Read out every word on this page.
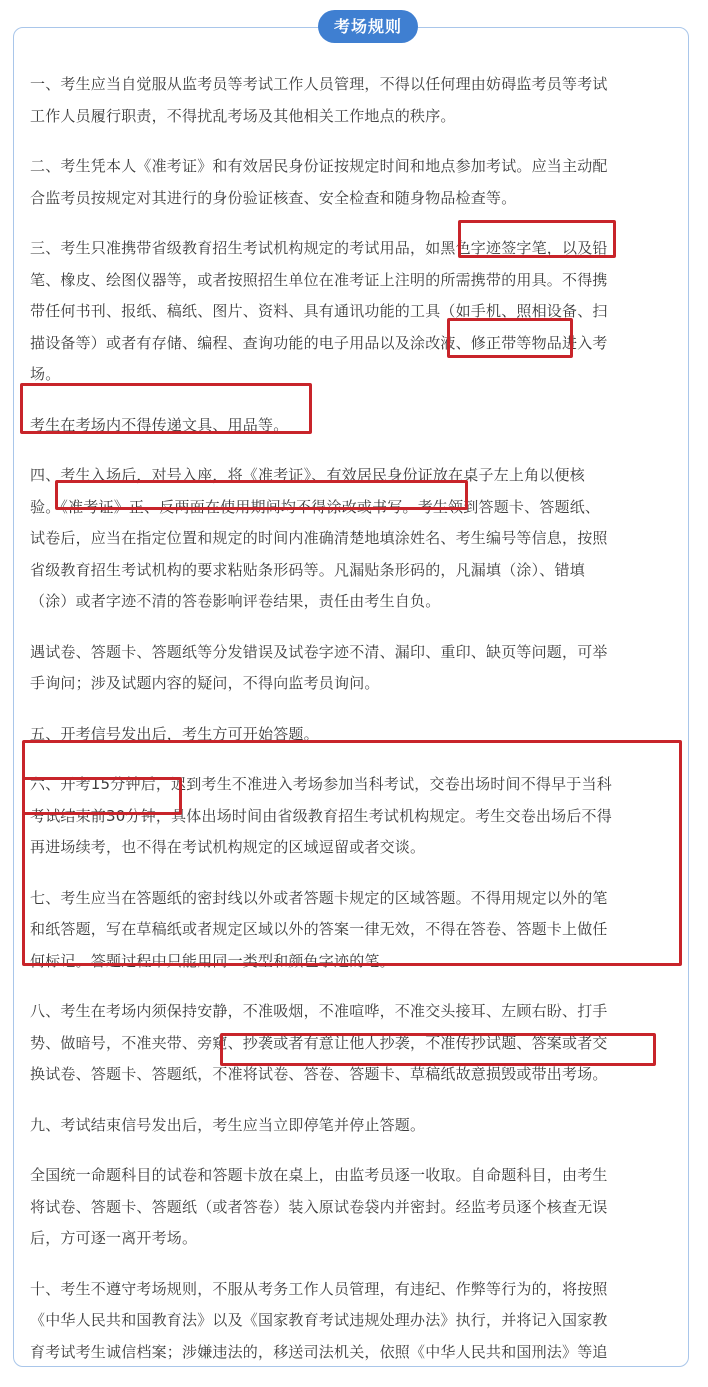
考场规则

一、考生应当自觉服从监考员等考试工作人员管理，不得以任何理由妨碍监考员等考试
工作人员履行职责，不得扰乱考场及其他相关工作地点的秩序。

二、考生凭本人《准考证》和有效居民身份证按规定时间和地点参加考试。应当主动配
合监考员按规定对其进行的身份验证核查、安全检查和随身物品检查等。

三、考生只准携带省级教育招生考试机构规定的考试用品，如黑色字迹签字笔，以及铅
笔、橡皮、绘图仪器等，或者按照招生单位在准考证上注明的所需携带的用具。不得携
带任何书刊、报纸、稿纸、图片、资料、具有通讯功能的工具（如手机、照相设备、扫
描设备等）或者有存储、编程、查询功能的电子用品以及涂改液、修正带等物品进入考
场。

考生在考场内不得传递文具、用品等。

四、考生入场后，对号入座，将《准考证》、有效居民身份证放在桌子左上角以便核
验。《准考证》正、反两面在使用期间均不得涂改或书写。考生领到答题卡、答题纸、
试卷后，应当在指定位置和规定的时间内准确清楚地填涂姓名、考生编号等信息，按照
省级教育招生考试机构的要求粘贴条形码等。凡漏贴条形码的，凡漏填（涂）、错填
（涂）或者字迹不清的答卷影响评卷结果，责任由考生自负。

遇试卷、答题卡、答题纸等分发错误及试卷字迹不清、漏印、重印、缺页等问题，可举
手询问；涉及试题内容的疑问，不得向监考员询问。

五、开考信号发出后，考生方可开始答题。

六、开考15分钟后，迟到考生不准进入考场参加当科考试，交卷出场时间不得早于当科
考试结束前30分钟，具体出场时间由省级教育招生考试机构规定。考生交卷出场后不得
再进场续考，也不得在考试机构规定的区域逗留或者交谈。

七、考生应当在答题纸的密封线以外或者答题卡规定的区域答题。不得用规定以外的笔
和纸答题，写在草稿纸或者规定区域以外的答案一律无效，不得在答卷、答题卡上做任
何标记。答题过程中只能用同一类型和颜色字迹的笔。

八、考生在考场内须保持安静，不准吸烟，不准喧哗，不准交头接耳、左顾右盼、打手
势、做暗号，不准夹带、旁窥、抄袭或者有意让他人抄袭，不准传抄试题、答案或者交
换试卷、答题卡、答题纸，不准将试卷、答卷、答题卡、草稿纸故意损毁或带出考场。

九、考试结束信号发出后，考生应当立即停笔并停止答题。

全国统一命题科目的试卷和答题卡放在桌上，由监考员逐一收取。自命题科目，由考生
将试卷、答题卡、答题纸（或者答卷）装入原试卷袋内并密封。经监考员逐个核查无误
后，方可逐一离开考场。

十、考生不遵守考场规则，不服从考务工作人员管理，有违纪、作弊等行为的，将按照
《中华人民共和国教育法》以及《国家教育考试违规处理办法》执行，并将记入国家教
育考试考生诚信档案；涉嫌违法的，移送司法机关，依照《中华人民共和国刑法》等追
